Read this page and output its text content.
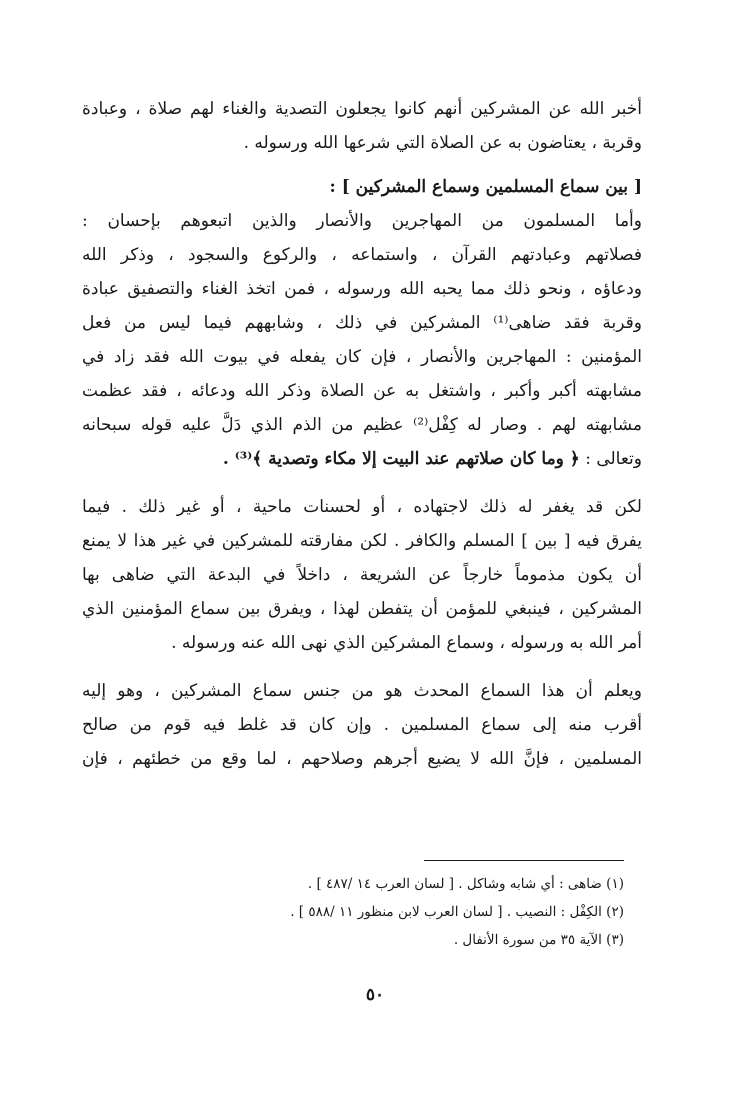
أخبر الله عن المشركين أنهم كانوا يجعلون التصدية والغناء لهم صلاة ، وعبادة
وقربة ، يعتاضون به عن الصلاة التي شرعها الله ورسوله .
[ بين سماع المسلمين وسماع المشركين ] :
وأما المسلمون من المهاجرين والأنصار والذين اتبعوهم بإحسان :
فصلاتهم وعبادتهم القرآن ، واستماعه ، والركوع والسجود ، وذكر الله
ودعاؤه ، ونحو ذلك مما يحبه الله ورسوله ، فمن اتخذ الغناء والتصفيق عبادة
وقربة فقد ضاهى⁽¹⁾ المشركين في ذلك ، وشابههم فيما ليس من فعل
المؤمنين : المهاجرين والأنصار ، فإن كان يفعله في بيوت الله فقد زاد في
مشابهته أكبر وأكبر ، واشتغل به عن الصلاة وذكر الله ودعائه ، فقد عظمت
مشابهته لهم . وصار له كِفْل⁽²⁾ عظيم من الذم الذي دَلَّ عليه قوله سبحانه
وتعالى : ﴿ وما كان صلاتهم عند البيت إلا مكاء وتصدية ﴾⁽³⁾ .
لكن قد يغفر له ذلك لاجتهاده ، أو لحسنات ماحية ، أو غير ذلك . فيما
يفرق فيه [ بين ] المسلم والكافر . لكن مفارقته للمشركين في غير هذا لا يمنع
أن يكون مذموماً خارجاً عن الشريعة ، داخلاً في البدعة التي ضاهى بها
المشركين ، فينبغي للمؤمن أن يتفطن لهذا ، ويفرق بين سماع المؤمنين الذي
أمر الله به ورسوله ، وسماع المشركين الذي نهى الله عنه ورسوله .
ويعلم أن هذا السماع المحدث هو من جنس سماع المشركين ، وهو إليه
أقرب منه إلى سماع المسلمين . وإن كان قد غلط فيه قوم من صالح
المسلمين ، فإنَّ الله لا يضيع أجرهم وصلاحهم ، لما وقع من خطئهم ، فإن
(١) ضاهى : أي شابه وشاكل . [ لسان العرب ١٤ /٤٨٧ ] .
(٢) الكِفْل : النصيب . [ لسان العرب لابن منظور ١١ /٥٨٨ ] .
(٣) الآية ٣٥ من سورة الأنفال .
٥٠
